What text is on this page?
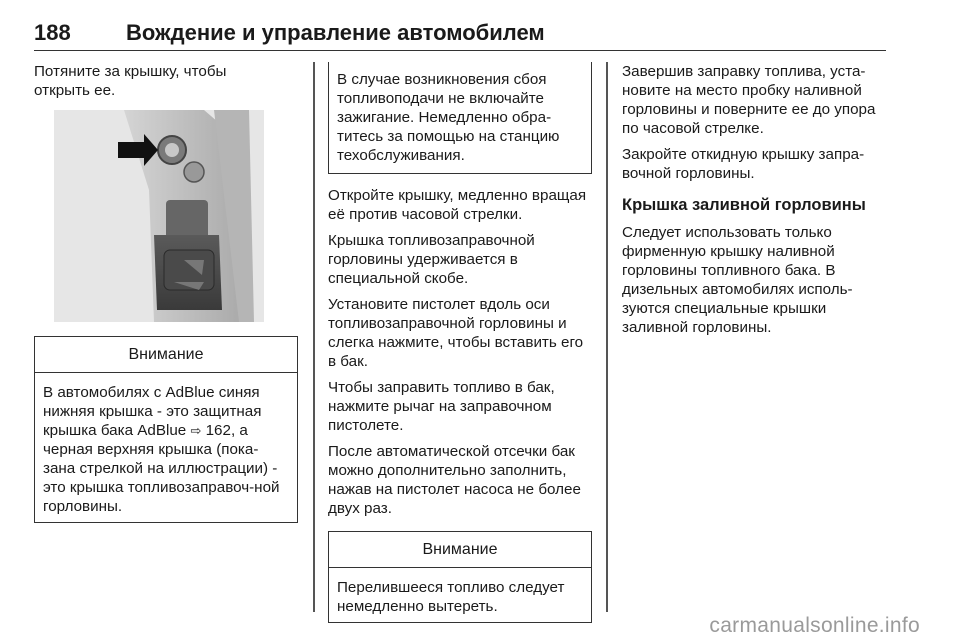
188	Вождение и управление автомобилем

Потяните за крышку, чтобы
открыть ее.

Внимание

В автомобилях с AdBlue синяя нижняя крышка - это защитная крышка бака AdBlue ⇨ 162, а черная верхняя крышка (пока-зана стрелкой на иллюстрации) - это крышка топливозаправоч-ной горловины.

В случае возникновения сбоя топливоподачи не включайте зажигание. Немедленно обра-титесь за помощью на станцию техобслуживания.

Откройте крышку, медленно вращая её против часовой стрелки.

Крышка топливозаправочной горловины удерживается в специальной скобе.

Установите пистолет вдоль оси топливозаправочной горловины и слегка нажмите, чтобы вставить его в бак.

Чтобы заправить топливо в бак, нажмите рычаг на заправочном пистолете.

После автоматической отсечки бак можно дополнительно заполнить, нажав на пистолет насоса не более двух раз.

Внимание

Перелившееся топливо следует немедленно вытереть.

Завершив заправку топлива, уста-новите на место пробку наливной горловины и поверните ее до упора по часовой стрелке.

Закройте откидную крышку запра-вочной горловины.

Крышка заливной горловины

Следует использовать только фирменную крышку наливной горловины топливного бака. В дизельных автомобилях исполь-зуются специальные крышки заливной горловины.

carmanualsonline.info
